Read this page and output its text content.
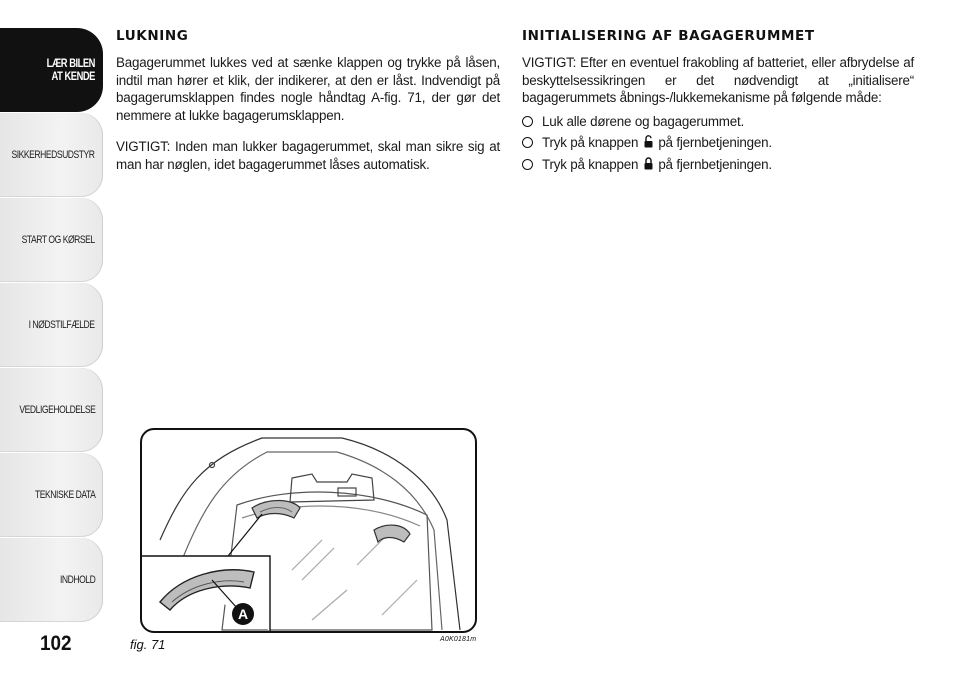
LÆR BILEN
AT KENDE
SIKKERHEDSUDSTYR
START OG KØRSEL
I NØDSTILFÆLDE
VEDLIGEHOLDELSE
TEKNISKE DATA
INDHOLD
102
LUKNING

Bagagerummet lukkes ved at sænke klappen og trykke på låsen, indtil man hører et klik, der indikerer, at den er låst. Indvendigt på bagagerumsklappen findes nogle håndtag A-fig. 71, der gør det nemmere at lukke bagagerumsklappen.

VIGTIGT: Inden man lukker bagagerummet, skal man sikre sig at man har nøglen, idet bagagerummet låses automatisk.

INITIALISERING AF BAGAGERUMMET

VIGTIGT: Efter en eventuel frakobling af batteriet, eller afbrydelse af beskyttelsessikringen er det nødvendigt at „initialisere“ bagagerummets åbnings-/lukkemekanisme på følgende måde:

Luk alle dørene og bagagerummet.
Tryk på knappen på fjernbetjeningen.
Tryk på knappen på fjernbetjeningen.
A
fig. 71	A0K0181m
